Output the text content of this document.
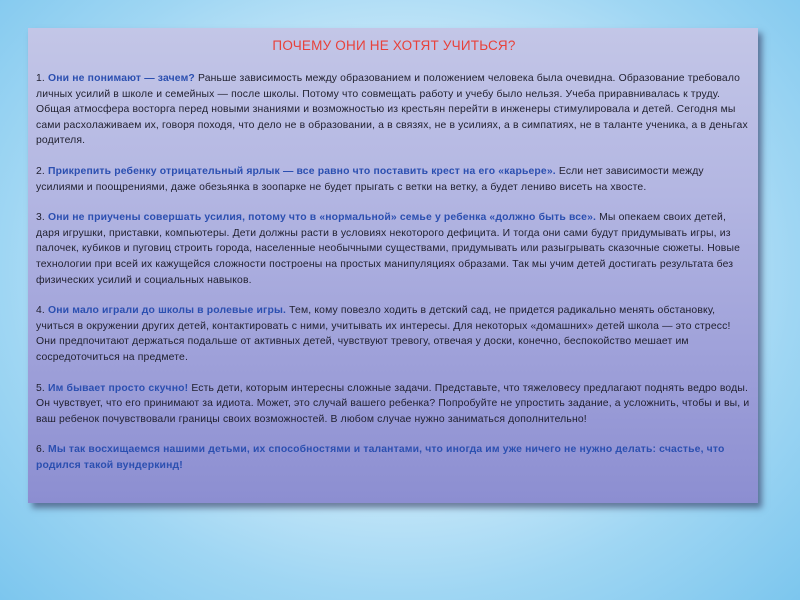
ПОЧЕМУ ОНИ НЕ ХОТЯТ УЧИТЬСЯ?
1. Они не понимают — зачем? Раньше зависимость между образованием и положением человека была очевидна. Образование требовало личных усилий в школе и семейных — после школы. Потому что совмещать работу и учебу было нельзя. Учеба приравнивалась к труду. Общая атмосфера восторга перед новыми знаниями и возможностью из крестьян перейти в инженеры стимулировала и детей. Сегодня мы сами расхолаживаем их, говоря походя, что дело не в образовании, а в связях, не в усилиях, а в симпатиях, не в таланте ученика, а в деньгах родителя.
2. Прикрепить ребенку отрицательный ярлык — все равно что поставить крест на его «карьере». Если нет зависимости между усилиями и поощрениями, даже обезьянка в зоопарке не будет прыгать с ветки на ветку, а будет лениво висеть на хвосте.
3. Они не приучены совершать усилия, потому что в «нормальной» семье у ребенка «должно быть все». Мы опекаем своих детей, даря игрушки, приставки, компьютеры. Дети должны расти в условиях некоторого дефицита. И тогда они сами будут придумывать игры, из палочек, кубиков и пуговиц строить города, населенные необычными существами, придумывать или разыгрывать сказочные сюжеты. Новые технологии при всей их кажущейся сложности построены на простых манипуляциях образами. Так мы учим детей достигать результата без физических усилий и социальных навыков.
4. Они мало играли до школы в ролевые игры. Тем, кому повезло ходить в детский сад, не придется радикально менять обстановку, учиться в окружении других детей, контактировать с ними, учитывать их интересы. Для некоторых «домашних» детей школа — это стресс! Они предпочитают держаться подальше от активных детей, чувствуют тревогу, отвечая у доски, конечно, беспокойство мешает им сосредоточиться на предмете.
5. Им бывает просто скучно! Есть дети, которым интересны сложные задачи. Представьте, что тяжеловесу предлагают поднять ведро воды. Он чувствует, что его принимают за идиота. Может, это случай вашего ребенка? Попробуйте не упростить задание, а усложнить, чтобы и вы, и ваш ребенок почувствовали границы своих возможностей. В любом случае нужно заниматься дополнительно!
6. Мы так восхищаемся нашими детьми, их способностями и талантами, что иногда им уже ничего не нужно делать: счастье, что родился такой вундеркинд!
